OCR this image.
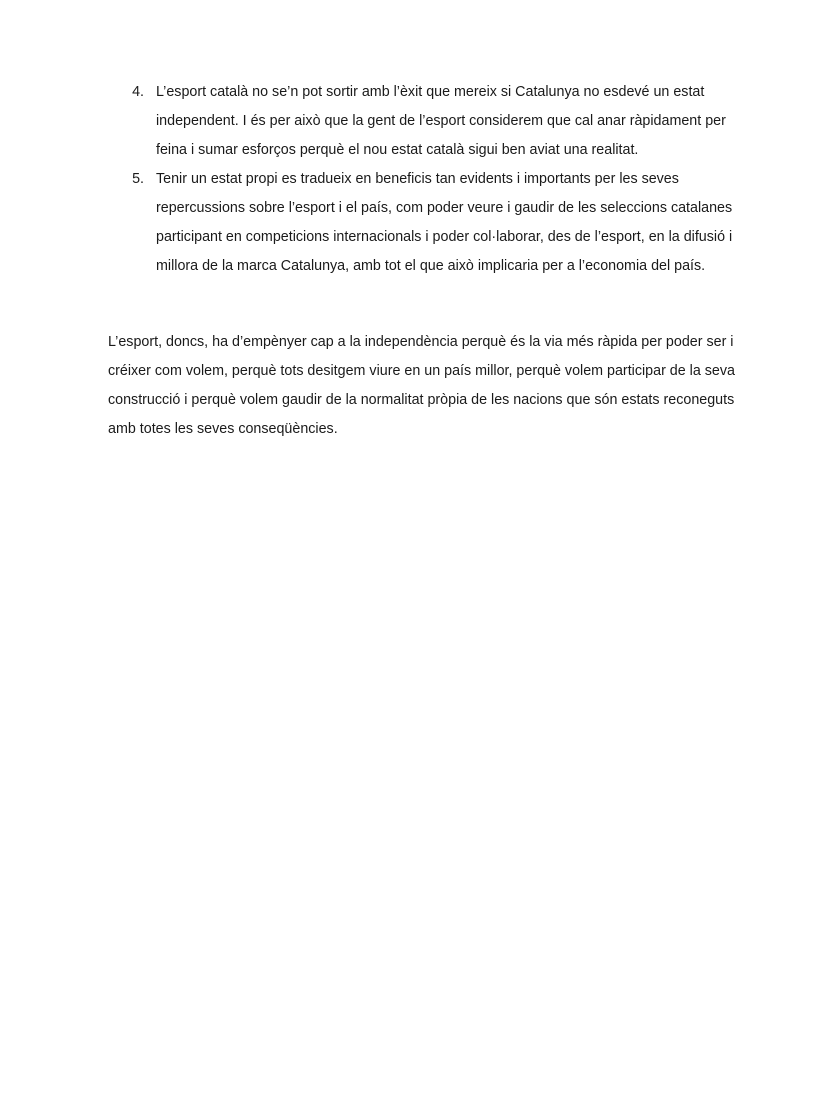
4. L’esport català no se’n pot sortir amb l’èxit que mereix si Catalunya no esdevé un estat independent. I és per això que la gent de l’esport considerem que cal anar ràpidament per feina i sumar esforços perquè el nou estat català sigui ben aviat una realitat.
5. Tenir un estat propi es tradueix en beneficis tan evidents i importants per les seves repercussions sobre l’esport i el país, com poder veure i gaudir de les seleccions catalanes participant en competicions internacionals i poder col·laborar, des de l’esport, en la difusió i millora de la marca Catalunya, amb tot el que això implicaria per a l’economia del país.

L’esport, doncs, ha d’empènyer cap a la independència perquè és la via més ràpida per poder ser i créixer com volem, perquè tots desitgem viure en un país millor, perquè volem participar de la seva construcció i perquè volem gaudir de la normalitat pròpia de les nacions que són estats reconeguts amb totes les seves conseqüències.
